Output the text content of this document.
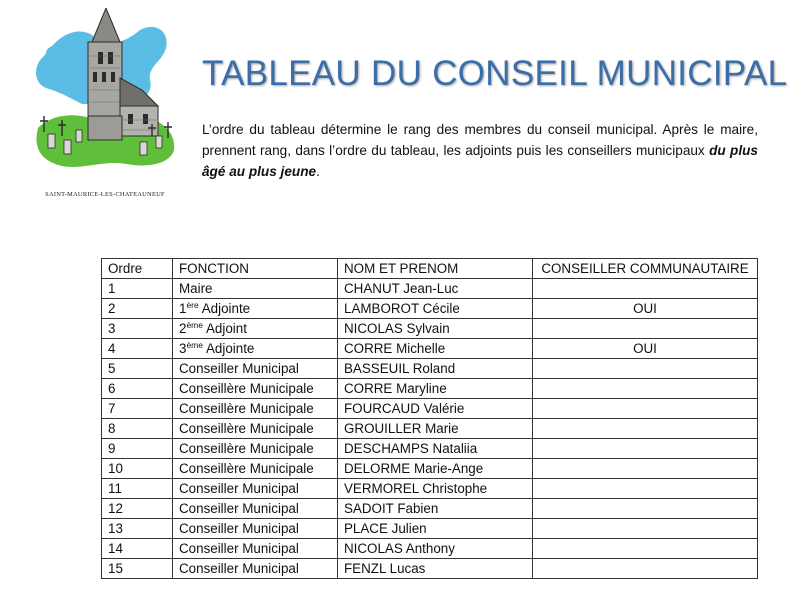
SAINT-MAURICE-LES-CHATEAUNEUF
TABLEAU DU CONSEIL MUNICIPAL

L’ordre du tableau détermine le rang des membres du conseil municipal. Après le maire, prennent rang, dans l’ordre du tableau, les adjoints puis les conseillers municipaux du plus âgé au plus jeune.

Ordre	FONCTION	NOM ET PRENOM	CONSEILLER COMMUNAUTAIRE
1	Maire	CHANUT Jean-Luc	
2	1ère Adjointe	LAMBOROT Cécile	OUI
3	2ème Adjoint	NICOLAS Sylvain	
4	3ème Adjointe	CORRE Michelle	OUI
5	Conseiller Municipal	BASSEUIL Roland	
6	Conseillère Municipale	CORRE Maryline	
7	Conseillère Municipale	FOURCAUD Valérie	
8	Conseillère Municipale	GROUILLER Marie	
9	Conseillère Municipale	DESCHAMPS Nataliia	
10	Conseillère Municipale	DELORME Marie-Ange	
11	Conseiller Municipal	VERMOREL Christophe	
12	Conseiller Municipal	SADOIT Fabien	
13	Conseiller Municipal	PLACE Julien	
14	Conseiller Municipal	NICOLAS Anthony	
15	Conseiller Municipal	FENZL Lucas	
